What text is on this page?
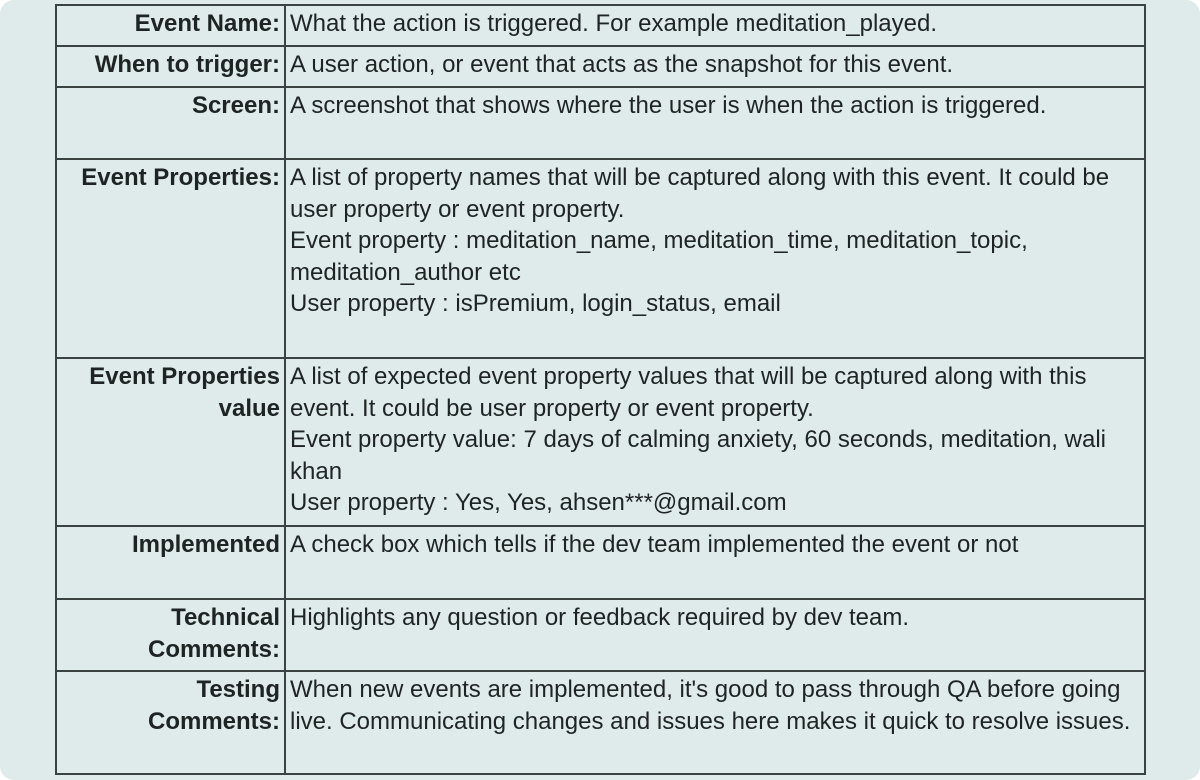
Event Name:	What the action is triggered. For example meditation_played.
When to trigger:	A user action, or event that acts as the snapshot for this event.
Screen:	A screenshot that shows where the user is when the action is triggered.
Event Properties:	A list of property names that will be captured along with this event. It could be user property or event property.
Event property : meditation_name, meditation_time, meditation_topic, meditation_author etc
User property : isPremium, login_status, email
Event Properties value	A list of expected event property values that will be captured along with this event. It could be user property or event property.
Event property value: 7 days of calming anxiety, 60 seconds, meditation, wali khan
User property : Yes, Yes, ahsen***@gmail.com
Implemented	A check box which tells if the dev team implemented the event or not
Technical Comments:	Highlights any question or feedback required by dev team.
Testing Comments:	When new events are implemented, it's good to pass through QA before going live. Communicating changes and issues here makes it quick to resolve issues.
